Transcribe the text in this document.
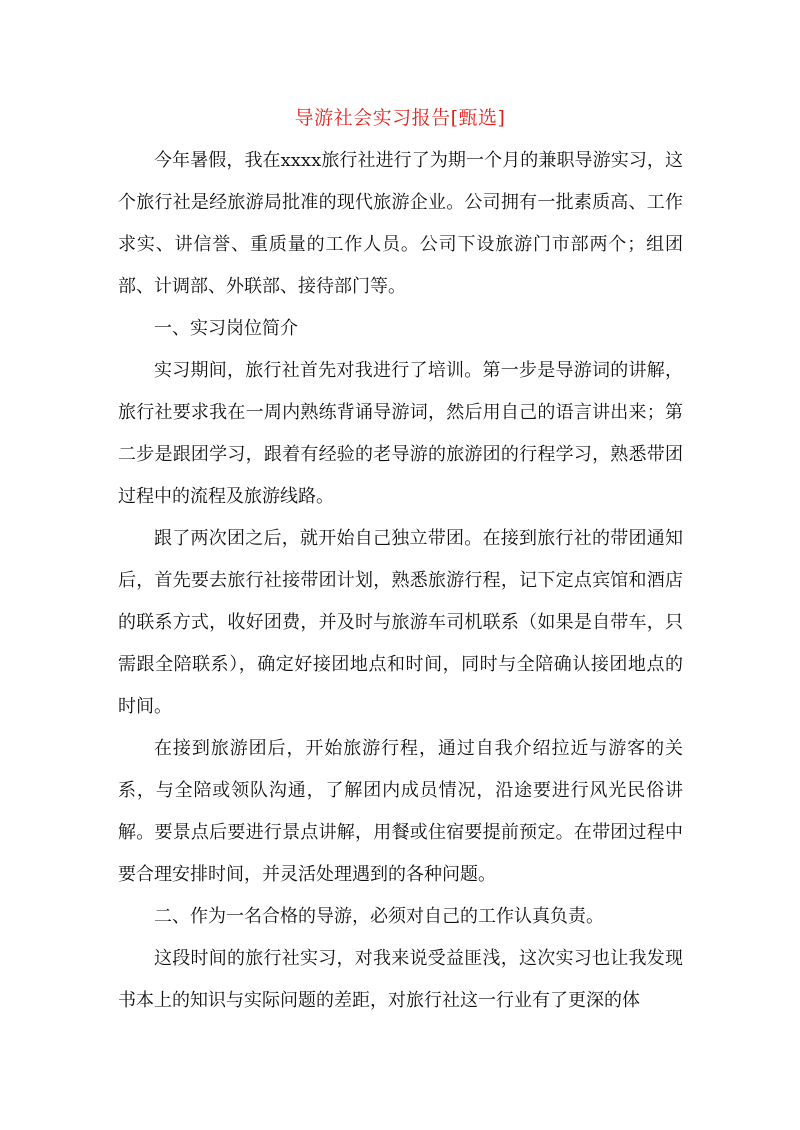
导游社会实习报告[甄选]

今年暑假，我在xxxx旅行社进行了为期一个月的兼职导游实习，这个旅行社是经旅游局批准的现代旅游企业。公司拥有一批素质高、工作求实、讲信誉、重质量的工作人员。公司下设旅游门市部两个；组团部、计调部、外联部、接待部门等。

一、实习岗位简介

实习期间，旅行社首先对我进行了培训。第一步是导游词的讲解，旅行社要求我在一周内熟练背诵导游词，然后用自己的语言讲出来；第二步是跟团学习，跟着有经验的老导游的旅游团的行程学习，熟悉带团过程中的流程及旅游线路。

跟了两次团之后，就开始自己独立带团。在接到旅行社的带团通知后，首先要去旅行社接带团计划，熟悉旅游行程，记下定点宾馆和酒店的联系方式，收好团费，并及时与旅游车司机联系（如果是自带车，只需跟全陪联系），确定好接团地点和时间，同时与全陪确认接团地点的时间。

在接到旅游团后，开始旅游行程，通过自我介绍拉近与游客的关系，与全陪或领队沟通，了解团内成员情况，沿途要进行风光民俗讲解。要景点后要进行景点讲解，用餐或住宿要提前预定。在带团过程中要合理安排时间，并灵活处理遇到的各种问题。

二、作为一名合格的导游，必须对自己的工作认真负责。

这段时间的旅行社实习，对我来说受益匪浅，这次实习也让我发现书本上的知识与实际问题的差距，对旅行社这一行业有了更深的体
